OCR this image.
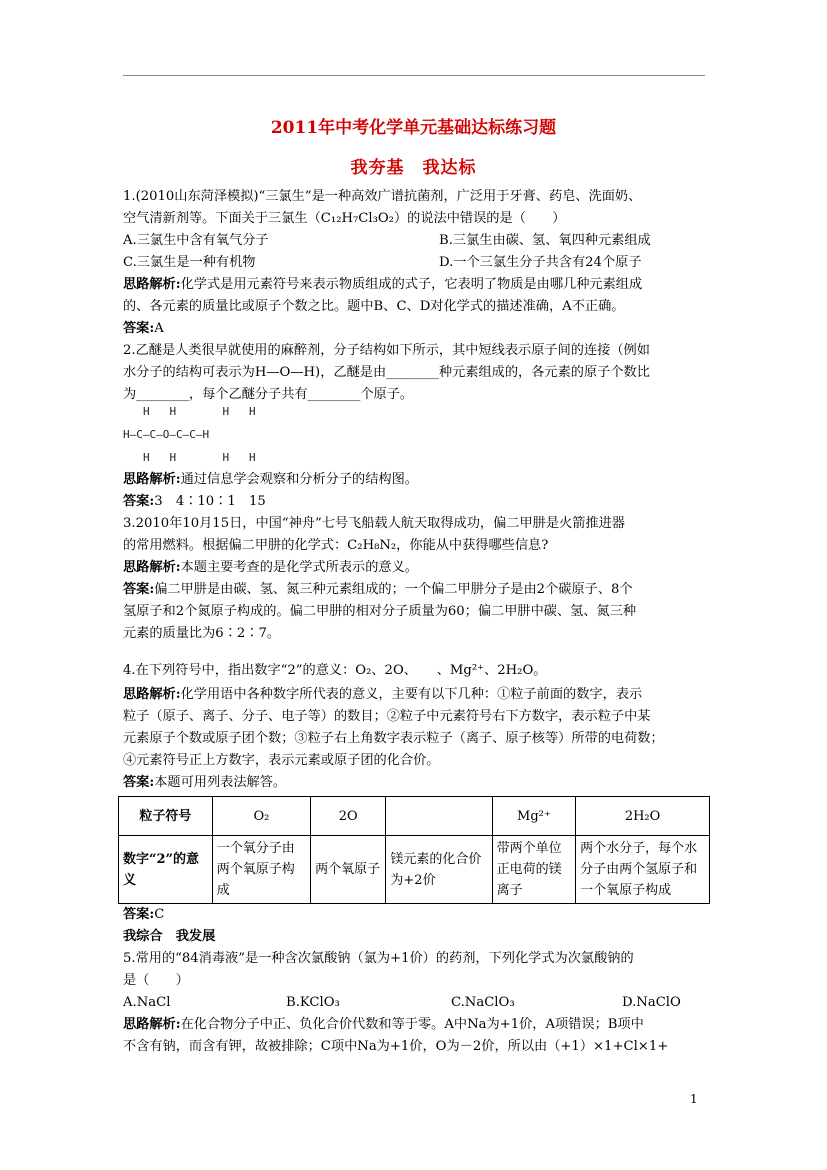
2011年中考化学单元基础达标练习题
我夯基　我达标
1.(2010山东菏泽模拟)“三氯生”是一种高效广谱抗菌剂，广泛用于牙膏、药皂、洗面奶、
空气清新剂等。下面关于三氯生（C₁₂H₇Cl₃O₂）的说法中错误的是（　　）
A.三氯生中含有氧气分子	B.三氯生由碳、氢、氧四种元素组成
C.三氯生是一种有机物	D.一个三氯生分子共含有24个原子
思路解析:化学式是用元素符号来表示物质组成的式子，它表明了物质是由哪几种元素组成
的、各元素的质量比或原子个数之比。题中B、C、D对化学式的描述准确，A不正确。
答案:A
2.乙醚是人类很早就使用的麻醉剂，分子结构如下所示，其中短线表示原子间的连接（例如
水分子的结构可表示为H—O—H)，乙醚是由________种元素组成的，各元素的原子个数比
为________，每个乙醚分子共有________个原子。
H   H       H   H
H—C—C—O—C—C—H
H   H       H   H
思路解析:通过信息学会观察和分析分子的结构图。
答案:3　4∶10∶1　15
3.2010年10月15日，中国“神舟”七号飞船载人航天取得成功，偏二甲肼是火箭推进器
的常用燃料。根据偏二甲肼的化学式：C₂H₈N₂，你能从中获得哪些信息?
思路解析:本题主要考查的是化学式所表示的意义。
答案:偏二甲肼是由碳、氢、氮三种元素组成的；一个偏二甲肼分子是由2个碳原子、8个
氢原子和2个氮原子构成的。偏二甲肼的相对分子质量为60；偏二甲肼中碳、氢、氮三种
元素的质量比为6∶2∶7。
4.在下列符号中，指出数字“2”的意义：O₂、2O、　　、Mg²⁺、2H₂O。
思路解析:化学用语中各种数字所代表的意义，主要有以下几种：①粒子前面的数字，表示
粒子（原子、离子、分子、电子等）的数目；②粒子中元素符号右下方数字，表示粒子中某
元素原子个数或原子团个数；③粒子右上角数字表示粒子（离子、原子核等）所带的电荷数；
④元素符号正上方数字，表示元素或原子团的化合价。
答案:本题可用列表法解答。
粒子符号	O₂	2O		Mg²⁺	2H₂O
数字“2”的意义	一个氧分子由两个氧原子构成	两个氧原子	镁元素的化合价为+2价	带两个单位正电荷的镁离子	两个水分子，每个水分子由两个氢原子和一个氧原子构成
答案:C
我综合　我发展
5.常用的“84消毒液”是一种含次氯酸钠（氯为+1价）的药剂，下列化学式为次氯酸钠的
是（　　）
A.NaCl	B.KClO₃	C.NaClO₃	D.NaClO
思路解析:在化合物分子中正、负化合价代数和等于零。A中Na为+1价，A项错误；B项中
不含有钠，而含有钾，故被排除；C项中Na为+1价，O为－2价，所以由（+1）×1+Cl×1+
1
